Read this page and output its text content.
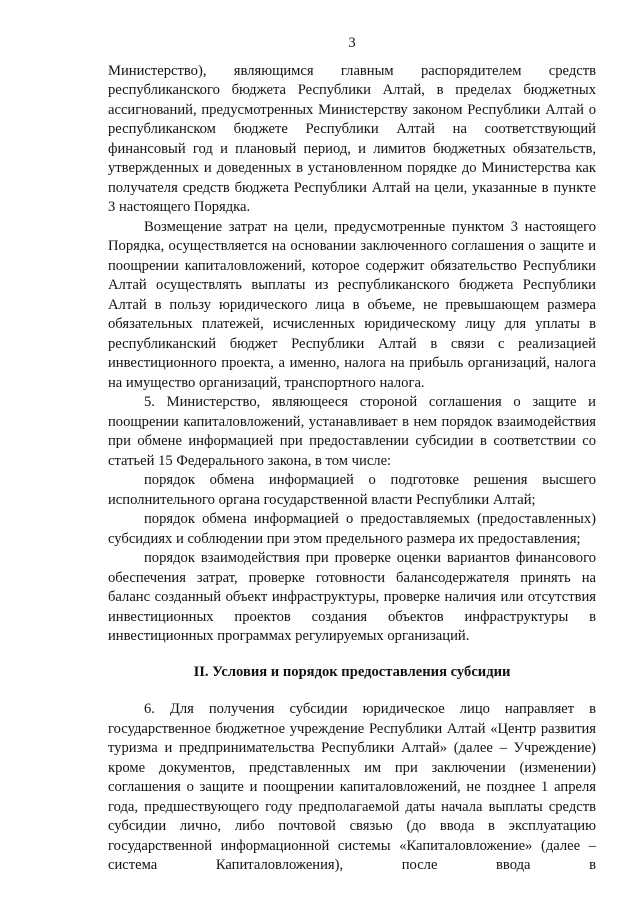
3

Министерство), являющимся главным распорядителем средств республиканского бюджета Республики Алтай, в пределах бюджетных ассигнований, предусмотренных Министерству законом Республики Алтай о республиканском бюджете Республики Алтай на соответствующий финансовый год и плановый период, и лимитов бюджетных обязательств, утвержденных и доведенных в установленном порядке до Министерства как получателя средств бюджета Республики Алтай на цели, указанные в пункте 3 настоящего Порядка.

Возмещение затрат на цели, предусмотренные пунктом 3 настоящего Порядка, осуществляется на основании заключенного соглашения о защите и поощрении капиталовложений, которое содержит обязательство Республики Алтай осуществлять выплаты из республиканского бюджета Республики Алтай в пользу юридического лица в объеме, не превышающем размера обязательных платежей, исчисленных юридическому лицу для уплаты в республиканский бюджет Республики Алтай в связи с реализацией инвестиционного проекта, а именно, налога на прибыль организаций, налога на имущество организаций, транспортного налога.

5. Министерство, являющееся стороной соглашения о защите и поощрении капиталовложений, устанавливает в нем порядок взаимодействия при обмене информацией при предоставлении субсидии в соответствии со статьей 15 Федерального закона, в том числе:

порядок обмена информацией о подготовке решения высшего исполнительного органа государственной власти Республики Алтай;

порядок обмена информацией о предоставляемых (предоставленных) субсидиях и соблюдении при этом предельного размера их предоставления;

порядок взаимодействия при проверке оценки вариантов финансового обеспечения затрат, проверке готовности балансодержателя принять на баланс созданный объект инфраструктуры, проверке наличия или отсутствия инвестиционных проектов создания объектов инфраструктуры в инвестиционных программах регулируемых организаций.

II. Условия и порядок предоставления субсидии

6. Для получения субсидии юридическое лицо направляет в государственное бюджетное учреждение Республики Алтай «Центр развития туризма и предпринимательства Республики Алтай» (далее – Учреждение) кроме документов, представленных им при заключении (изменении) соглашения о защите и поощрении капиталовложений, не позднее 1 апреля года, предшествующего году предполагаемой даты начала выплаты средств субсидии лично, либо почтовой связью (до ввода в эксплуатацию государственной информационной системы «Капиталовложение» (далее – система Капиталовложения), после ввода в
